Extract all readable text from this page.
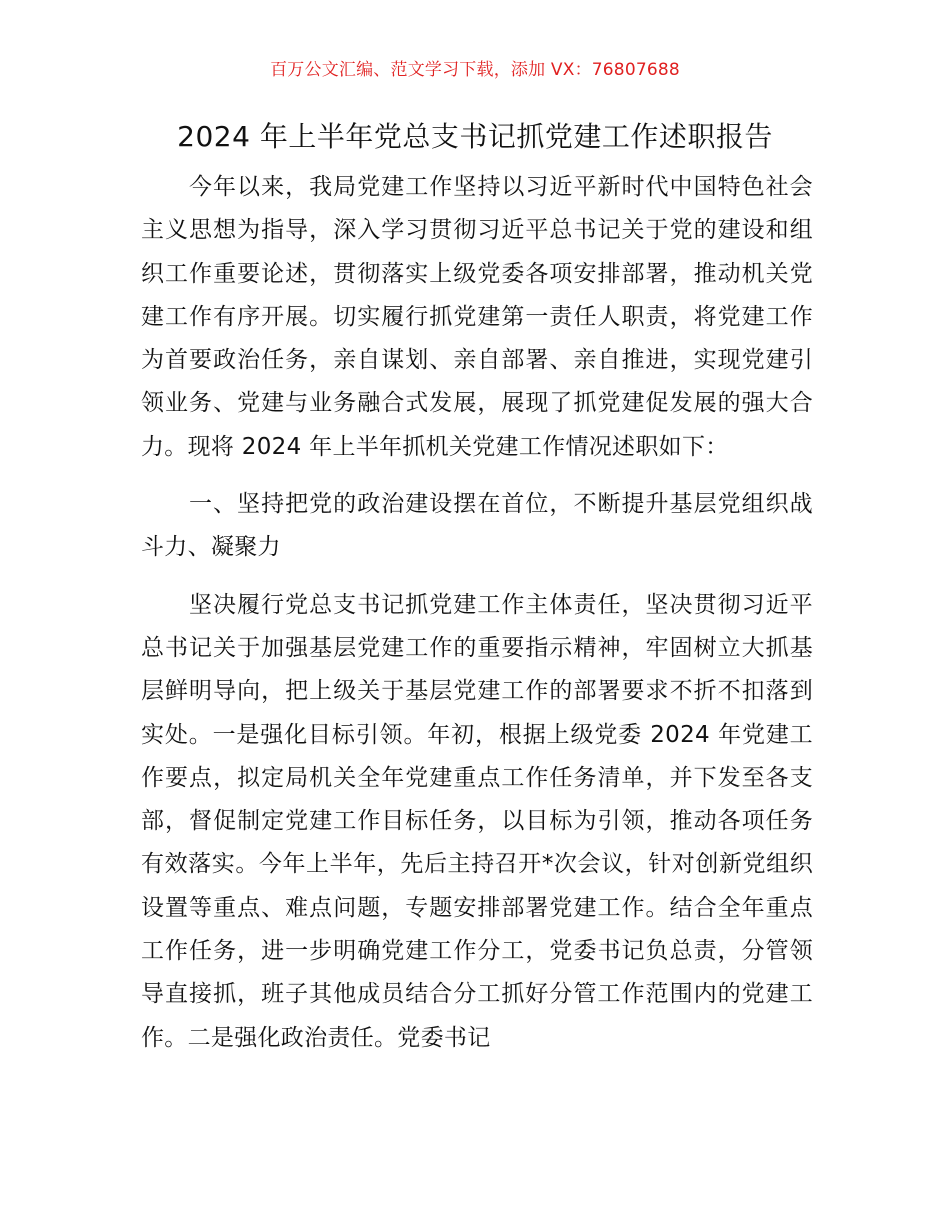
百万公文汇编、范文学习下载，添加 VX：76807688
2024 年上半年党总支书记抓党建工作述职报告

今年以来，我局党建工作坚持以习近平新时代中国特色社会主义思想为指导，深入学习贯彻习近平总书记关于党的建设和组织工作重要论述，贯彻落实上级党委各项安排部署，推动机关党建工作有序开展。切实履行抓党建第一责任人职责，将党建工作为首要政治任务，亲自谋划、亲自部署、亲自推进，实现党建引领业务、党建与业务融合式发展，展现了抓党建促发展的强大合力。现将 2024 年上半年抓机关党建工作情况述职如下：

一、坚持把党的政治建设摆在首位，不断提升基层党组织战斗力、凝聚力

坚决履行党总支书记抓党建工作主体责任，坚决贯彻习近平总书记关于加强基层党建工作的重要指示精神，牢固树立大抓基层鲜明导向，把上级关于基层党建工作的部署要求不折不扣落到实处。一是强化目标引领。年初，根据上级党委 2024 年党建工作要点，拟定局机关全年党建重点工作任务清单，并下发至各支部，督促制定党建工作目标任务，以目标为引领，推动各项任务有效落实。今年上半年，先后主持召开*次会议，针对创新党组织设置等重点、难点问题，专题安排部署党建工作。结合全年重点工作任务，进一步明确党建工作分工，党委书记负总责，分管领导直接抓，班子其他成员结合分工抓好分管工作范围内的党建工作。二是强化政治责任。党委书记
